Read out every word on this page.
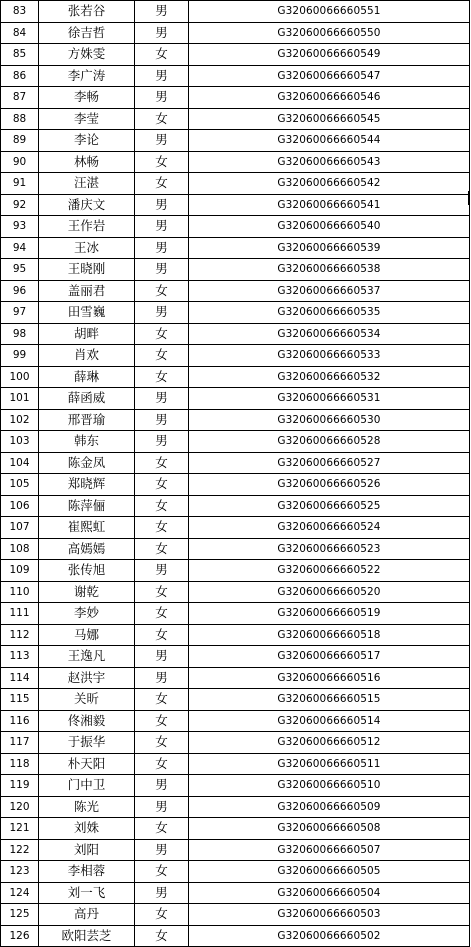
83	张若谷	男	G32060066660551
84	徐吉哲	男	G32060066660550
85	方姝雯	女	G32060066660549
86	李广涛	男	G32060066660547
87	李畅	男	G32060066660546
88	李莹	女	G32060066660545
89	李论	男	G32060066660544
90	林畅	女	G32060066660543
91	汪湛	女	G32060066660542
92	潘庆文	男	G32060066660541
93	王作岩	男	G32060066660540
94	王冰	男	G32060066660539
95	王晓刚	男	G32060066660538
96	盖丽君	女	G32060066660537
97	田雪巍	男	G32060066660535
98	胡畔	女	G32060066660534
99	肖欢	女	G32060066660533
100	薛琳	女	G32060066660532
101	薛函威	男	G32060066660531
102	邢晋瑜	男	G32060066660530
103	韩东	男	G32060066660528
104	陈金凤	女	G32060066660527
105	郑晓辉	女	G32060066660526
106	陈萍俪	女	G32060066660525
107	崔熙虹	女	G32060066660524
108	高嫣嫣	女	G32060066660523
109	张传旭	男	G32060066660522
110	谢乾	女	G32060066660520
111	李妙	女	G32060066660519
112	马娜	女	G32060066660518
113	王逸凡	男	G32060066660517
114	赵洪宇	男	G32060066660516
115	关昕	女	G32060066660515
116	佟湘毅	女	G32060066660514
117	于振华	女	G32060066660512
118	朴天阳	女	G32060066660511
119	门中卫	男	G32060066660510
120	陈光	男	G32060066660509
121	刘姝	女	G32060066660508
122	刘阳	男	G32060066660507
123	李相蓉	女	G32060066660505
124	刘一飞	男	G32060066660504
125	高丹	女	G32060066660503
126	欧阳芸芝	女	G32060066660502
